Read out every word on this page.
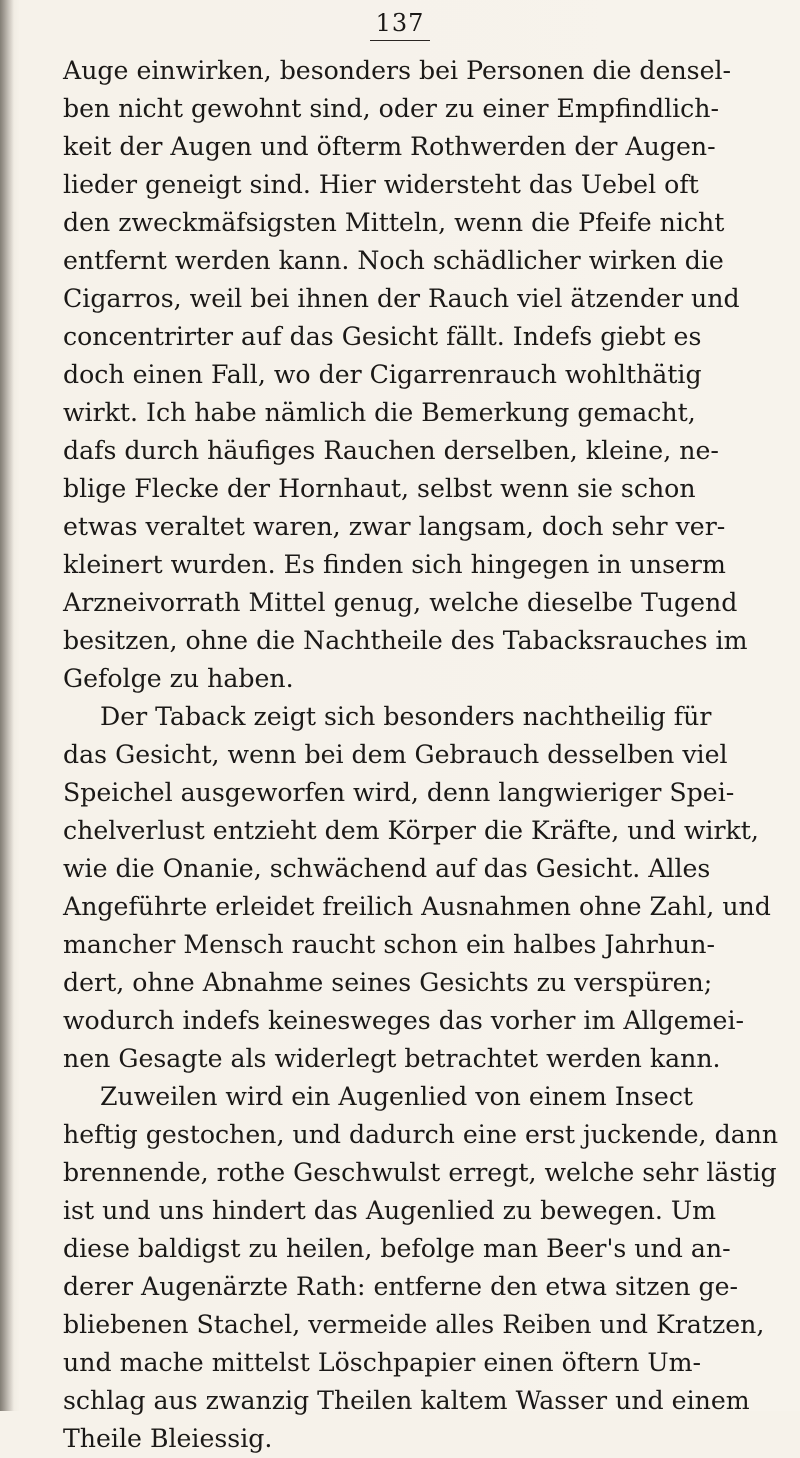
137
Auge einwirken, besonders bei Personen die densel-
ben nicht gewohnt sind, oder zu einer Empfindlich-
keit der Augen und öfterm Rothwerden der Augen-
lieder geneigt sind. Hier widersteht das Uebel oft
den zweckmäfsigsten Mitteln, wenn die Pfeife nicht
entfernt werden kann. Noch schädlicher wirken die
Cigarros, weil bei ihnen der Rauch viel ätzender und
concentrirter auf das Gesicht fällt. Indefs giebt es
doch einen Fall, wo der Cigarrenrauch wohlthätig
wirkt. Ich habe nämlich die Bemerkung gemacht,
dafs durch häufiges Rauchen derselben, kleine, ne-
blige Flecke der Hornhaut, selbst wenn sie schon
etwas veraltet waren, zwar langsam, doch sehr ver-
kleinert wurden. Es finden sich hingegen in unserm
Arzneivorrath Mittel genug, welche dieselbe Tugend
besitzen, ohne die Nachtheile des Tabacksrauches im
Gefolge zu haben.
Der Taback zeigt sich besonders nachtheilig für
das Gesicht, wenn bei dem Gebrauch desselben viel
Speichel ausgeworfen wird, denn langwieriger Spei-
chelverlust entzieht dem Körper die Kräfte, und wirkt,
wie die Onanie, schwächend auf das Gesicht. Alles
Angeführte erleidet freilich Ausnahmen ohne Zahl, und
mancher Mensch raucht schon ein halbes Jahrhun-
dert, ohne Abnahme seines Gesichts zu verspüren;
wodurch indefs keinesweges das vorher im Allgemei-
nen Gesagte als widerlegt betrachtet werden kann.
Zuweilen wird ein Augenlied von einem Insect
heftig gestochen, und dadurch eine erst juckende, dann
brennende, rothe Geschwulst erregt, welche sehr lästig
ist und uns hindert das Augenlied zu bewegen. Um
diese baldigst zu heilen, befolge man Beer's und an-
derer Augenärzte Rath: entferne den etwa sitzen ge-
bliebenen Stachel, vermeide alles Reiben und Kratzen,
und mache mittelst Löschpapier einen öftern Um-
schlag aus zwanzig Theilen kaltem Wasser und einem
Theile Bleiessig.
